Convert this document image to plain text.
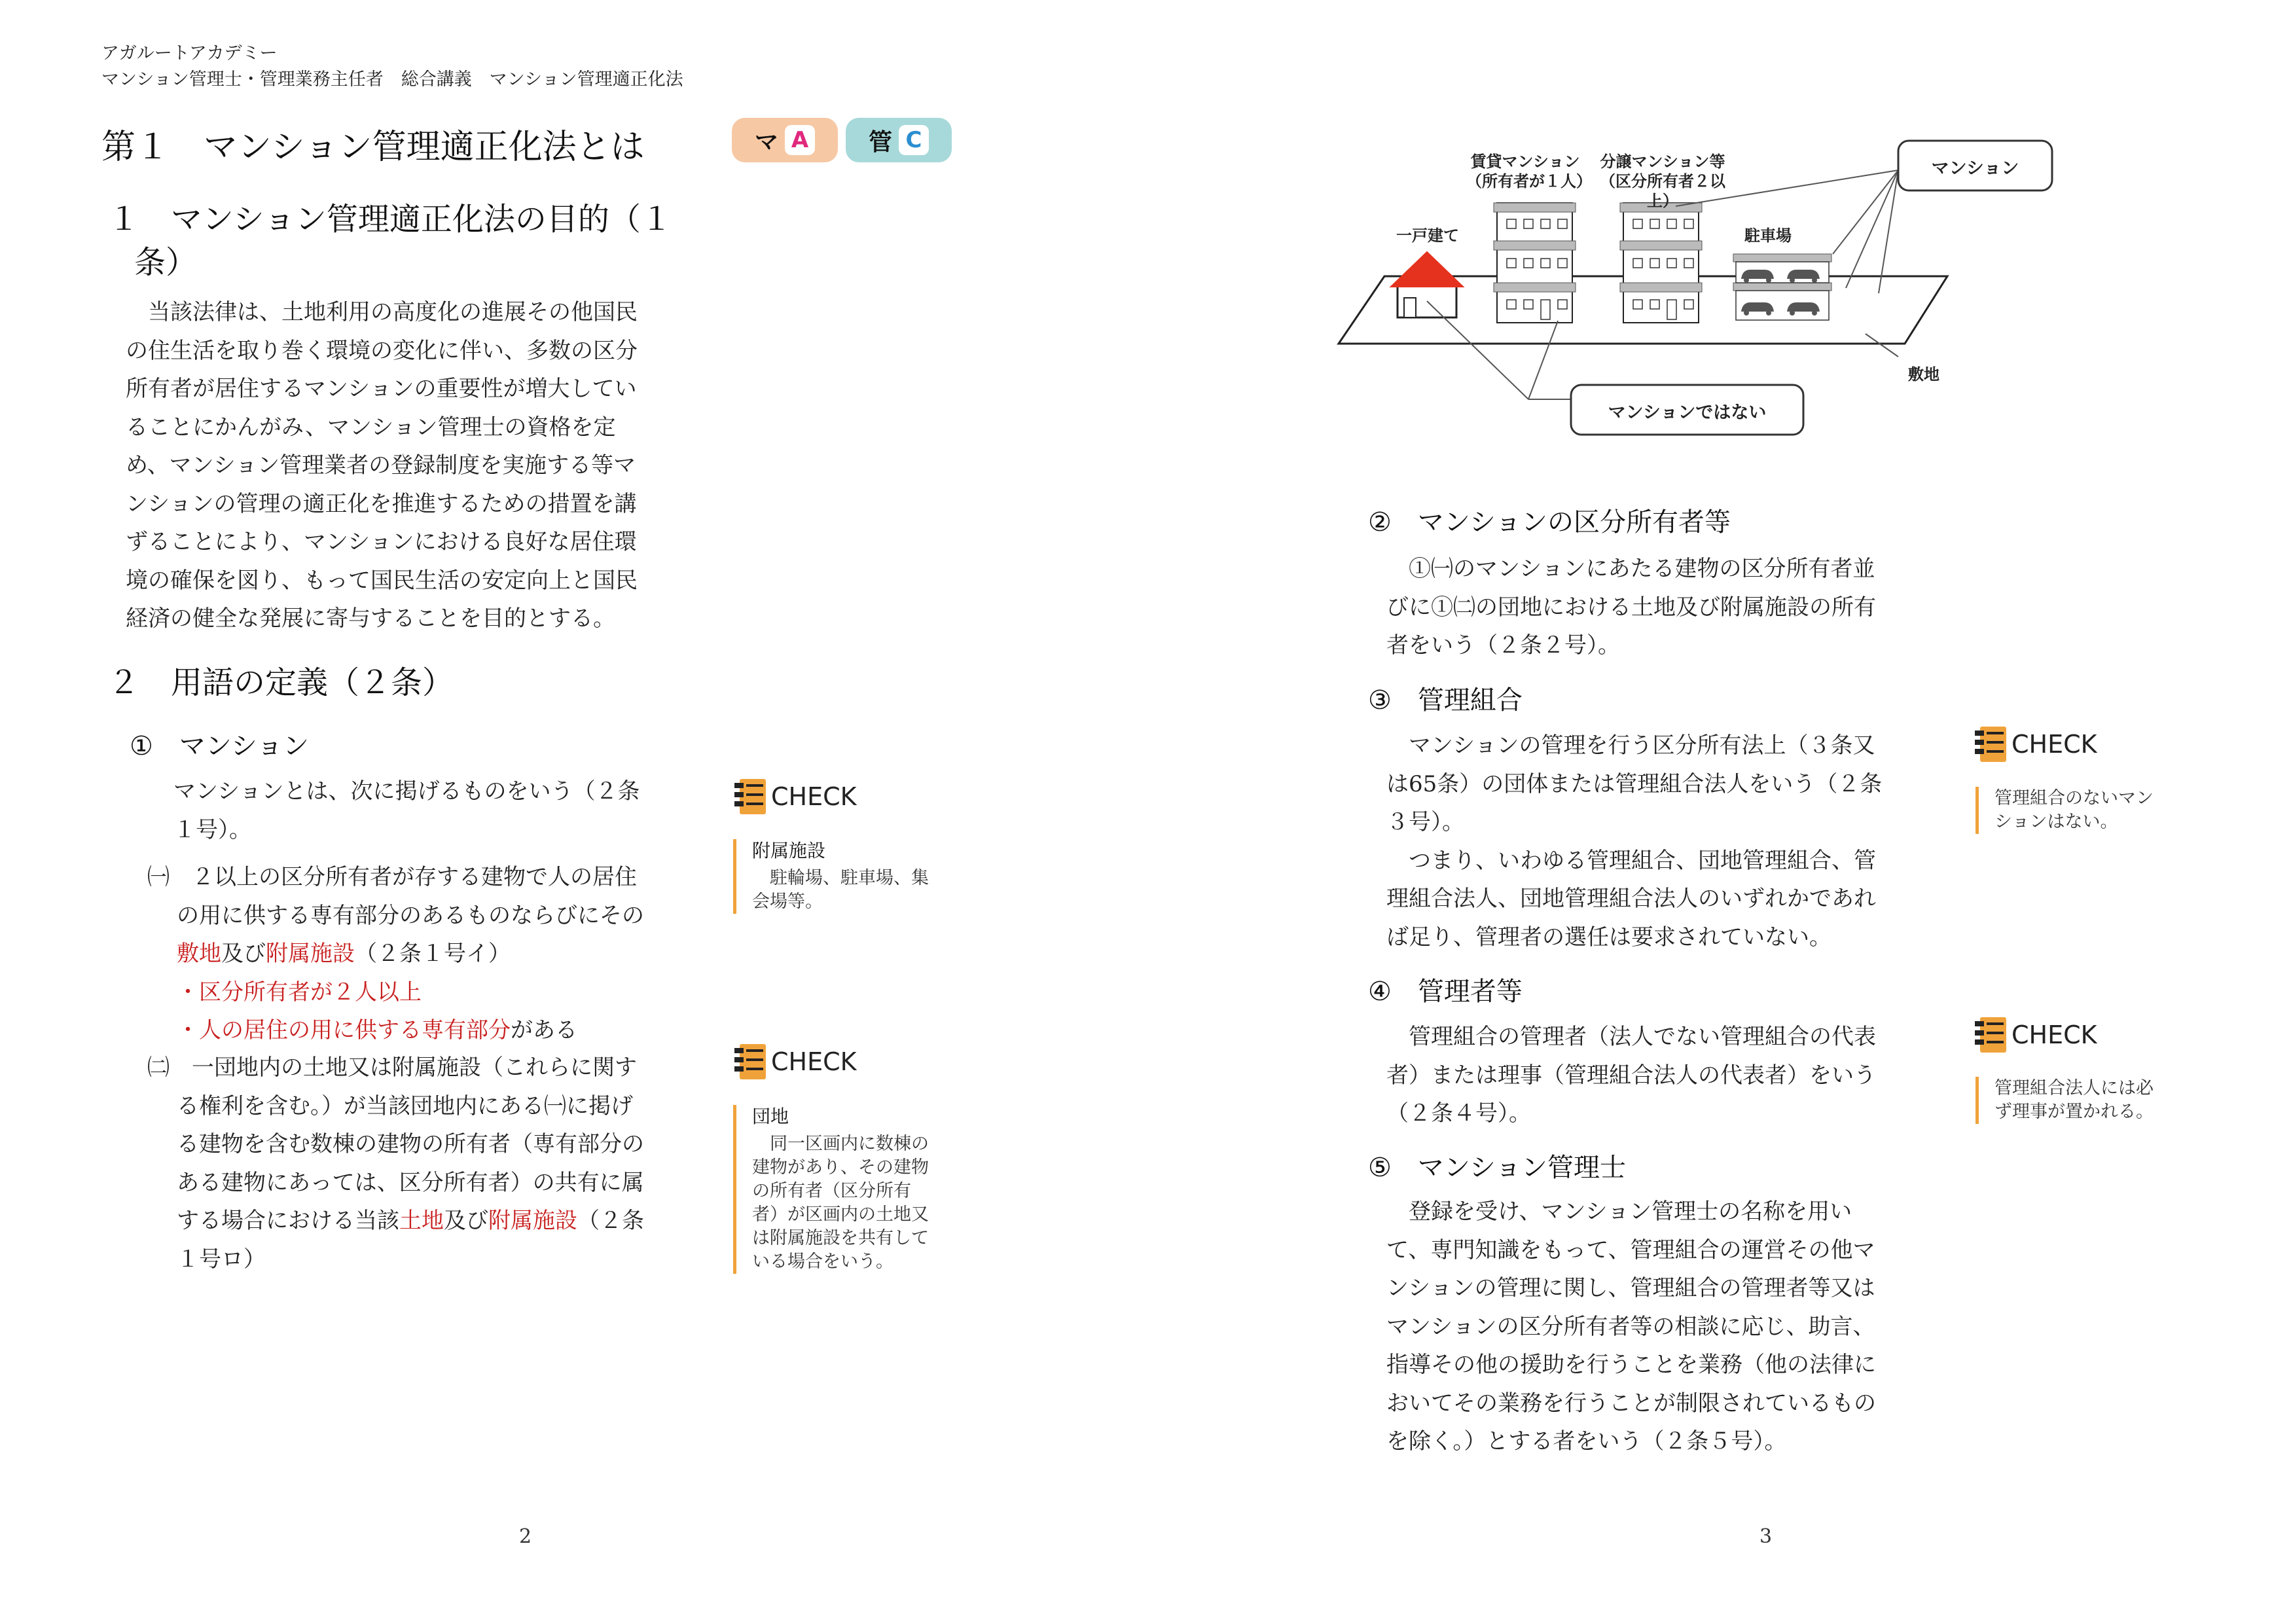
アガルートアカデミー
マンション管理士・管理業務主任者　総合講義　マンション管理適正化法
第１　マンション管理適正化法とは	マ A	管 C
１　マンション管理適正化法の目的（１
条）
　当該法律は、土地利用の高度化の進展その他国民
の住生活を取り巻く環境の変化に伴い、多数の区分
所有者が居住するマンションの重要性が増大してい
ることにかんがみ、マンション管理士の資格を定
め、マンション管理業者の登録制度を実施する等マ
ンションの管理の適正化を推進するための措置を講
ずることにより、マンションにおける良好な居住環
境の確保を図り、もって国民生活の安定向上と国民
経済の健全な発展に寄与することを目的とする。
２　用語の定義（２条）
①　マンション
マンションとは、次に掲げるものをいう（２条
１号）。
㈠　 ２以上の区分所有者が存する建物で人の居住
の用に供する専有部分のあるものならびにその
敷地及び附属施設（２条１号イ）
・区分所有者が２人以上
・人の居住の用に供する専有部分がある
㈡　 一団地内の土地又は附属施設（これらに関す
る権利を含む。）が当該団地内にある㈠に掲げ
る建物を含む数棟の建物の所有者（専有部分の
ある建物にあっては、区分所有者）の共有に属
する場合における当該土地及び附属施設（２条
１号ロ）
CHECK
附属施設
　駐輪場、駐車場、集
会場等。
CHECK
団地
　同一区画内に数棟の
建物があり、その建物
の所有者（区分所有
者）が区画内の土地又
は附属施設を共有して
いる場合をいう。
2
賃貸マンション
（所有者が１人）
分譲マンション等
（区分所有者２以上）
一戸建て	駐車場
敷地
マンション
マンションではない
②　マンションの区分所有者等
　①㈠のマンションにあたる建物の区分所有者並
びに①㈡の団地における土地及び附属施設の所有
者をいう（２条２号）。
③　管理組合
　マンションの管理を行う区分所有法上（３条又
は65条）の団体または管理組合法人をいう（２条
３号）。
　つまり、いわゆる管理組合、団地管理組合、管
理組合法人、団地管理組合法人のいずれかであれ
ば足り、管理者の選任は要求されていない。
④　管理者等
　管理組合の管理者（法人でない管理組合の代表
者）または理事（管理組合法人の代表者）をいう
（２条４号）。
⑤　マンション管理士
　登録を受け、マンション管理士の名称を用い
て、専門知識をもって、管理組合の運営その他マ
ンションの管理に関し、管理組合の管理者等又は
マンションの区分所有者等の相談に応じ、助言、
指導その他の援助を行うことを業務（他の法律に
おいてその業務を行うことが制限されているもの
を除く。）とする者をいう（２条５号）。
CHECK
管理組合のないマン
ションはない。
CHECK
管理組合法人には必
ず理事が置かれる。
3
